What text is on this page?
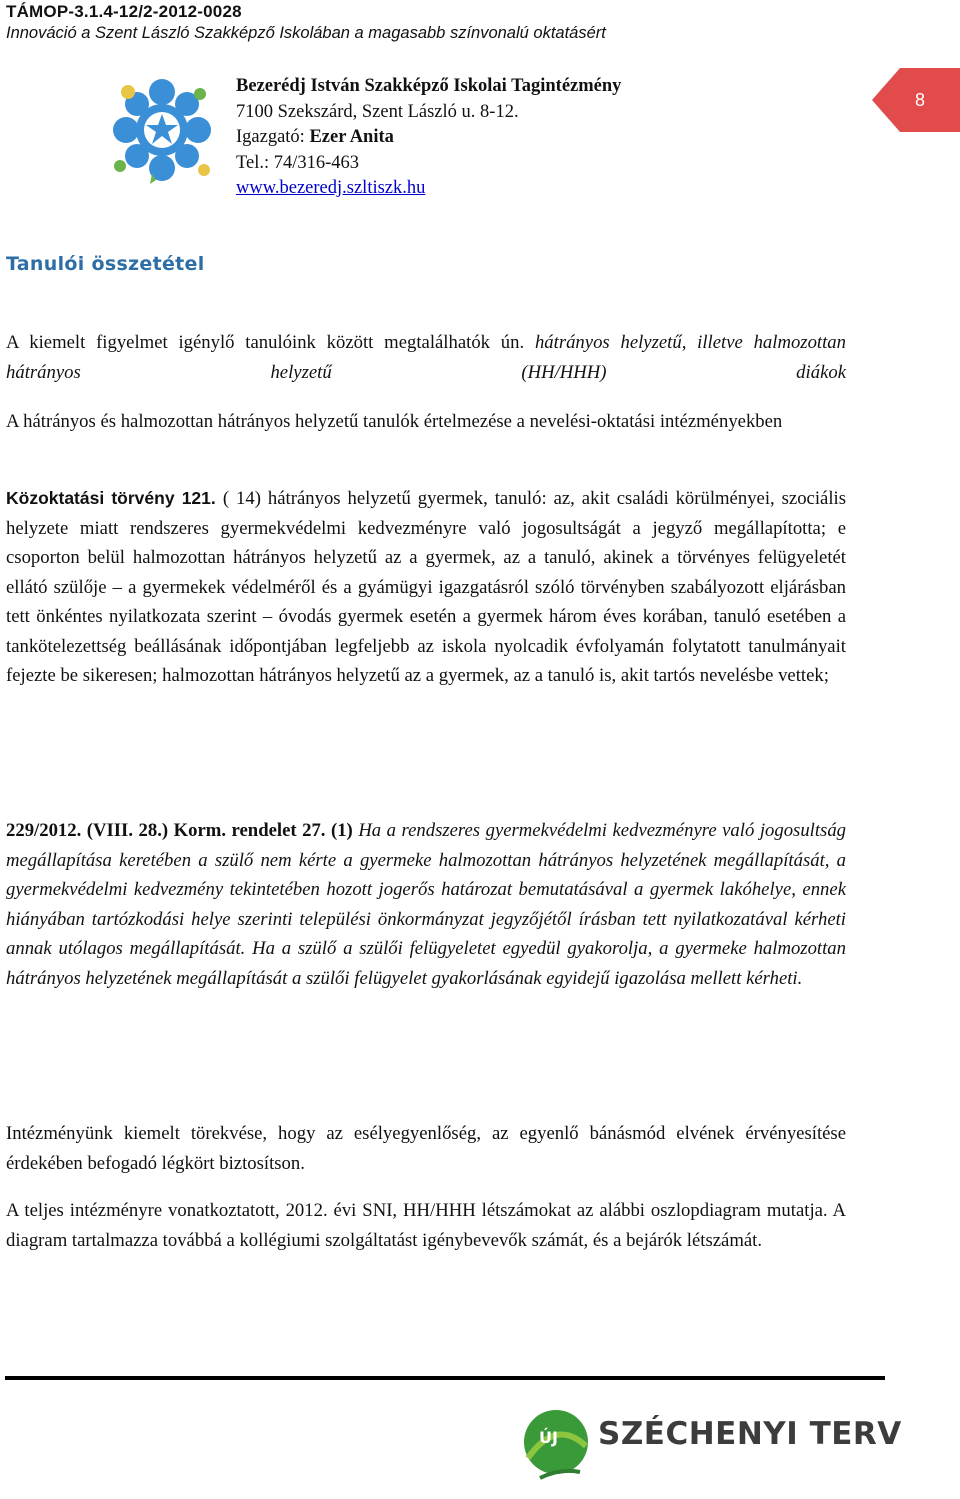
TÁMOP-3.1.4-12/2-2012-0028
Innováció a Szent László Szakképző Iskolában a magasabb színvonalú oktatásért
Bezerédj István Szakképző Iskolai Tagintézmény
7100 Szekszárd, Szent László u. 8-12.
Igazgató: Ezer Anita
Tel.: 74/316-463
www.bezeredj.szltiszk.hu
8
Tanulói összetétel
A kiemelt figyelmet igénylő tanulóink között megtalálhatók ún. hátrányos helyzetű, illetve halmozottan hátrányos helyzetű (HH/HHH) diákok
A hátrányos és halmozottan hátrányos helyzetű tanulók értelmezése a nevelési-oktatási intézményekben
Közoktatási törvény 121. ( 14) hátrányos helyzetű gyermek, tanuló: az, akit családi körülményei, szociális helyzete miatt rendszeres gyermekvédelmi kedvezményre való jogosultságát a jegyző megállapította; e csoporton belül halmozottan hátrányos helyzetű az a gyermek, az a tanuló, akinek a törvényes felügyeletét ellátó szülője – a gyermekek védelméről és a gyámügyi igazgatásról szóló törvényben szabályozott eljárásban tett önkéntes nyilatkozata szerint – óvodás gyermek esetén a gyermek három éves korában, tanuló esetében a tankötelezettség beállásának időpontjában legfeljebb az iskola nyolcadik évfolyamán folytatott tanulmányait fejezte be sikeresen; halmozottan hátrányos helyzetű az a gyermek, az a tanuló is, akit tartós nevelésbe vettek;
229/2012. (VIII. 28.) Korm. rendelet 27. (1) Ha a rendszeres gyermekvédelmi kedvezményre való jogosultság megállapítása keretében a szülő nem kérte a gyermeke halmozottan hátrányos helyzetének megállapítását, a gyermekvédelmi kedvezmény tekintetében hozott jogerős határozat bemutatásával a gyermek lakóhelye, ennek hiányában tartózkodási helye szerinti települési önkormányzat jegyzőjétől írásban tett nyilatkozatával kérheti annak utólagos megállapítását. Ha a szülő a szülői felügyeletet egyedül gyakorolja, a gyermeke halmozottan hátrányos helyzetének megállapítását a szülői felügyelet gyakorlásának egyidejű igazolása mellett kérheti.
Intézményünk kiemelt törekvése, hogy az esélyegyenlőség, az egyenlő bánásmód elvének érvényesítése érdekében befogadó légkört biztosítson.
A teljes intézményre vonatkoztatott, 2012. évi SNI, HH/HHH létszámokat az alábbi oszlopdiagram mutatja. A diagram tartalmazza továbbá a kollégiumi szolgáltatást igénybevevők számát, és a bejárók létszámát.
ÚJ SZÉCHENYI TERV
